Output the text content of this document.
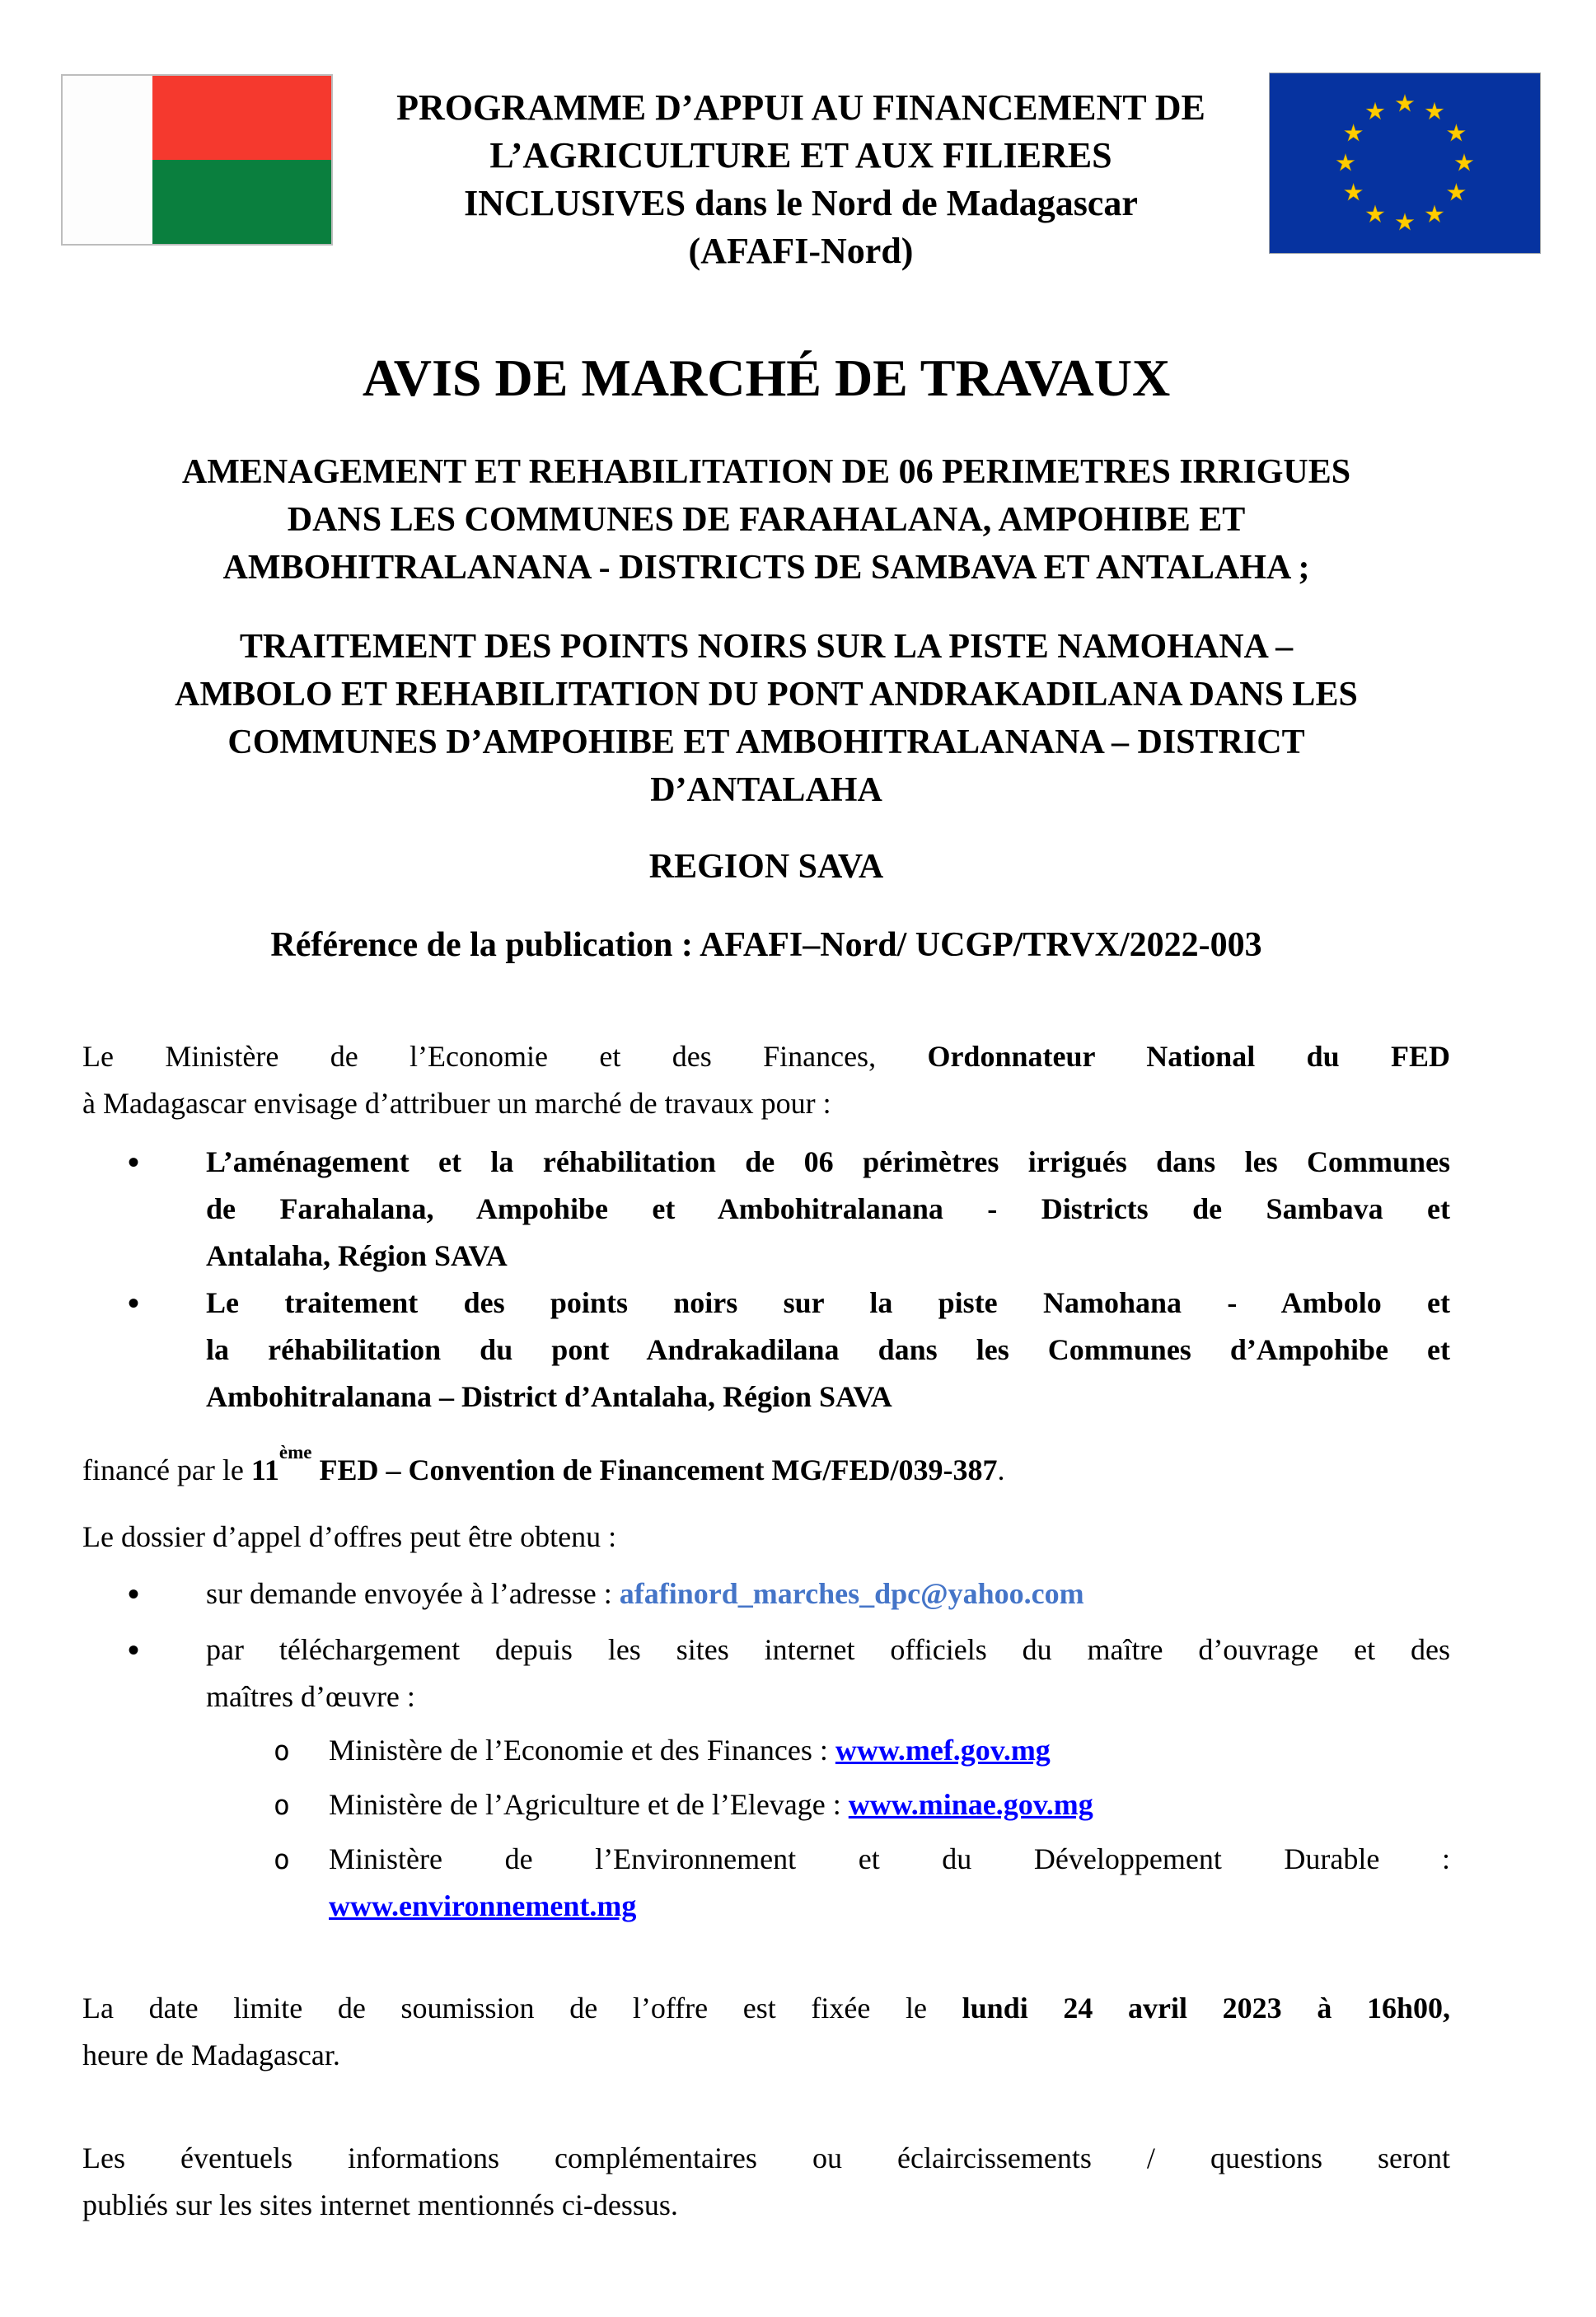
PROGRAMME D’APPUI AU FINANCEMENT DE
L’AGRICULTURE ET AUX FILIERES
INCLUSIVES dans le Nord de Madagascar
(AFAFI-Nord)
AVIS DE MARCHÉ DE TRAVAUX
AMENAGEMENT ET REHABILITATION DE 06 PERIMETRES IRRIGUES
DANS LES COMMUNES DE FARAHALANA, AMPOHIBE ET
AMBOHITRALANANA - DISTRICTS DE SAMBAVA ET ANTALAHA ;
TRAITEMENT DES POINTS NOIRS SUR LA PISTE NAMOHANA –
AMBOLO ET REHABILITATION DU PONT ANDRAKADILANA DANS LES
COMMUNES D’AMPOHIBE ET AMBOHITRALANANA – DISTRICT
D’ANTALAHA
REGION SAVA
Référence de la publication : AFAFI–Nord/ UCGP/TRVX/2022-003
Le Ministère de l’Economie et des Finances, Ordonnateur National du FED
à Madagascar envisage d’attribuer un marché de travaux pour :
•	L’aménagement et la réhabilitation de 06 périmètres irrigués dans les Communes
de Farahalana, Ampohibe et Ambohitralanana - Districts de Sambava et
Antalaha, Région SAVA
•	Le traitement des points noirs sur la piste Namohana - Ambolo et
la réhabilitation du pont Andrakadilana dans les Communes d’Ampohibe et
Ambohitralanana – District d’Antalaha, Région SAVA
financé par le 11ème FED – Convention de Financement MG/FED/039-387.
Le dossier d’appel d’offres peut être obtenu :
•	sur demande envoyée à l’adresse : afafinord_marches_dpc@yahoo.com
•	par téléchargement depuis les sites internet officiels du maître d’ouvrage et des
maîtres d’œuvre :
o	Ministère de l’Economie et des Finances : www.mef.gov.mg
o	Ministère de l’Agriculture et de l’Elevage : www.minae.gov.mg
o	Ministère de l’Environnement et du Développement Durable :
www.environnement.mg
La date limite de soumission de l’offre est fixée le lundi 24 avril 2023 à 16h00,
heure de Madagascar.
Les éventuels informations complémentaires ou éclaircissements / questions seront
publiés sur les sites internet mentionnés ci-dessus.
